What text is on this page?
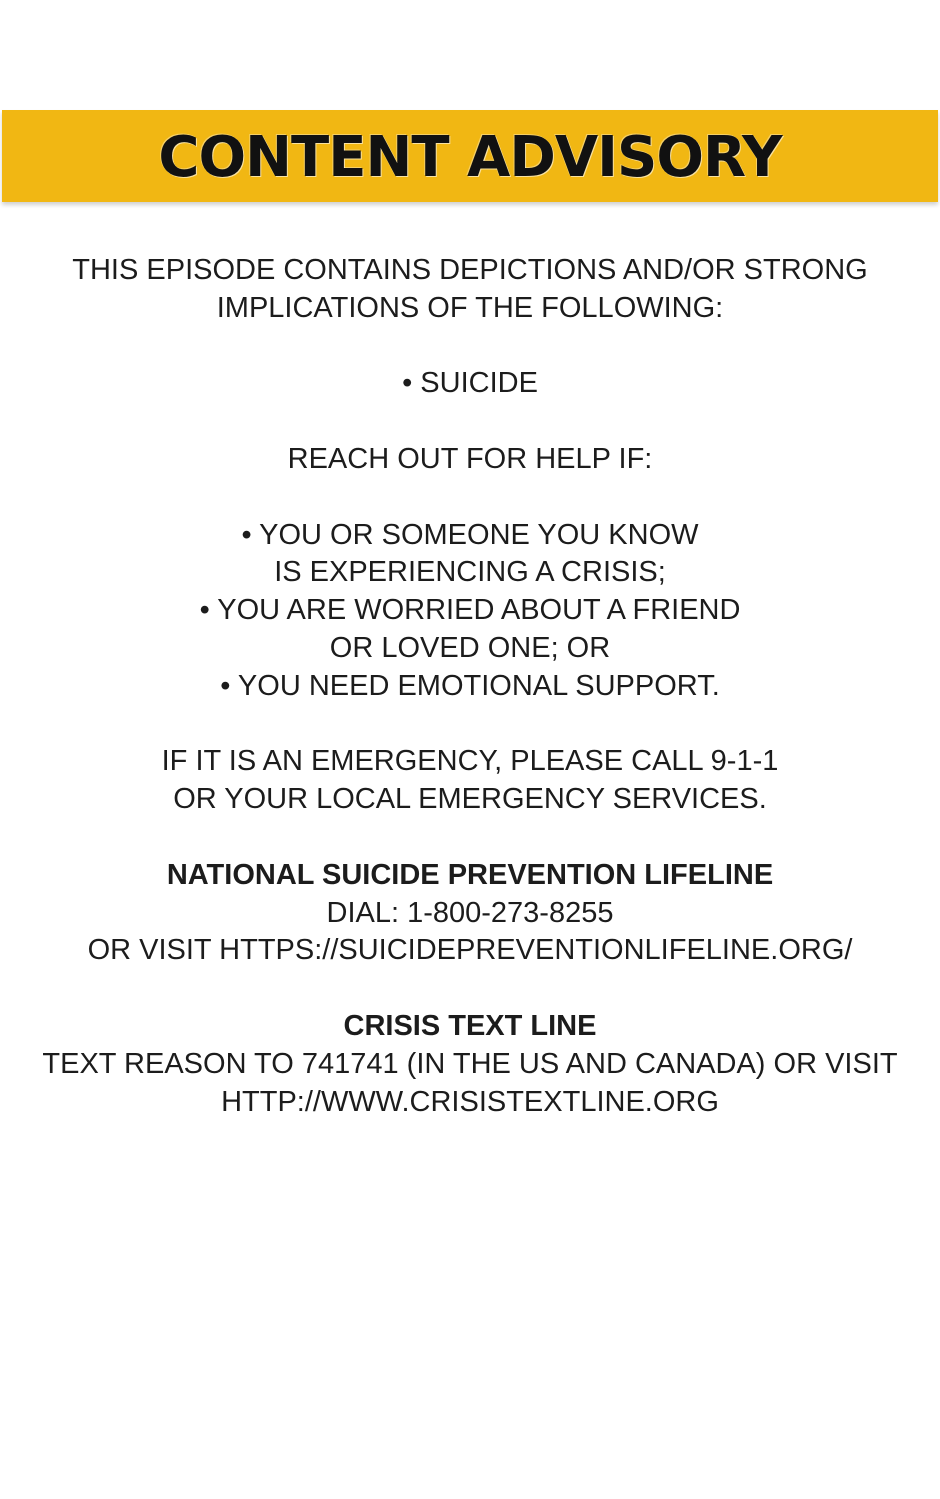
CONTENT ADVISORY
THIS EPISODE CONTAINS DEPICTIONS AND/OR STRONG
IMPLICATIONS OF THE FOLLOWING:
• SUICIDE
REACH OUT FOR HELP IF:
• YOU OR SOMEONE YOU KNOW
IS EXPERIENCING A CRISIS;
• YOU ARE WORRIED ABOUT A FRIEND
OR LOVED ONE; OR
• YOU NEED EMOTIONAL SUPPORT.
IF IT IS AN EMERGENCY, PLEASE CALL 9-1-1
OR YOUR LOCAL EMERGENCY SERVICES.
NATIONAL SUICIDE PREVENTION LIFELINE
DIAL: 1-800-273-8255
OR VISIT HTTPS://SUICIDEPREVENTIONLIFELINE.ORG/
CRISIS TEXT LINE
TEXT REASON TO 741741 (IN THE US AND CANADA) OR VISIT
HTTP://WWW.CRISISTEXTLINE.ORG
